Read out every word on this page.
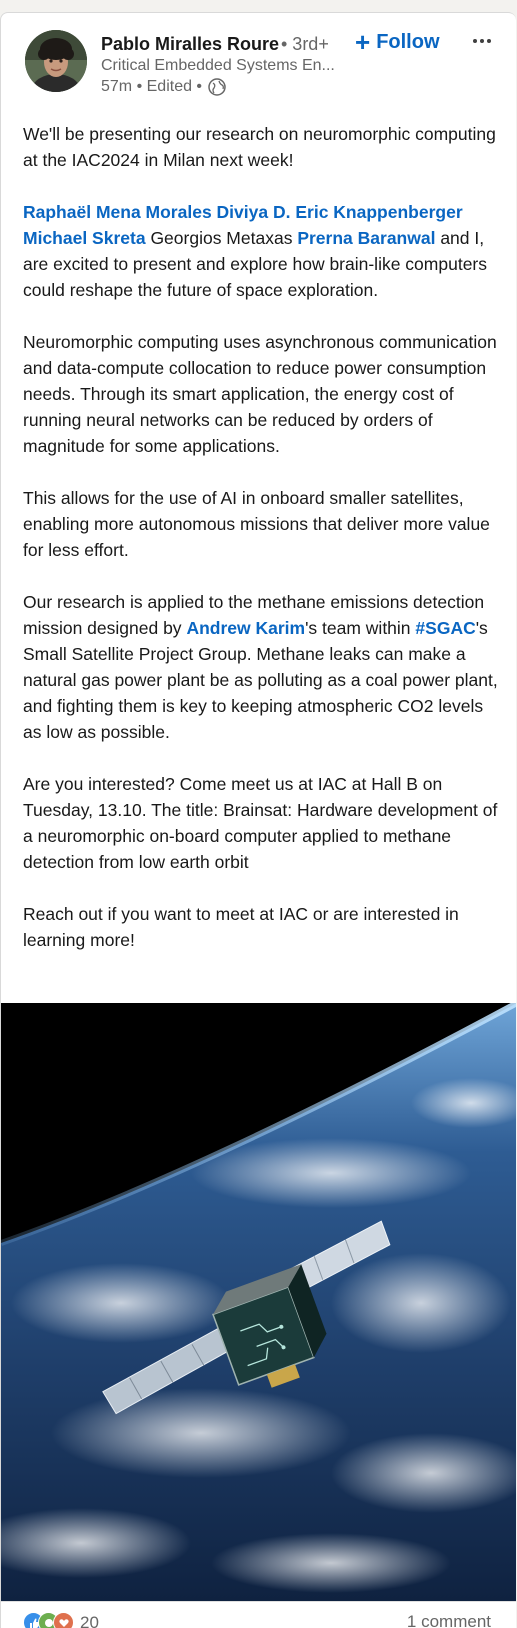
Pablo Miralles Roure • 3rd+ + Follow
Critical Embedded Systems En...
57m • Edited •

We'll be presenting our research on neuromorphic computing at the IAC2024 in Milan next week!

Raphaël Mena Morales Diviya D. Eric Knappenberger Michael Skreta Georgios Metaxas Prerna Baranwal and I, are excited to present and explore how brain-like computers could reshape the future of space exploration.

Neuromorphic computing uses asynchronous communication and data-compute collocation to reduce power consumption needs. Through its smart application, the energy cost of running neural networks can be reduced by orders of magnitude for some applications.

This allows for the use of AI in onboard smaller satellites, enabling more autonomous missions that deliver more value for less effort.

Our research is applied to the methane emissions detection mission designed by Andrew Karim's team within #SGAC's Small Satellite Project Group. Methane leaks can make a natural gas power plant be as polluting as a coal power plant, and fighting them is key to keeping atmospheric CO2 levels as low as possible.

Are you interested? Come meet us at IAC at Hall B on Tuesday, 13.10. The title: Brainsat: Hardware development of a neuromorphic on-board computer applied to methane detection from low earth orbit

Reach out if you want to meet at IAC or are interested in learning more!

20	1 comment
